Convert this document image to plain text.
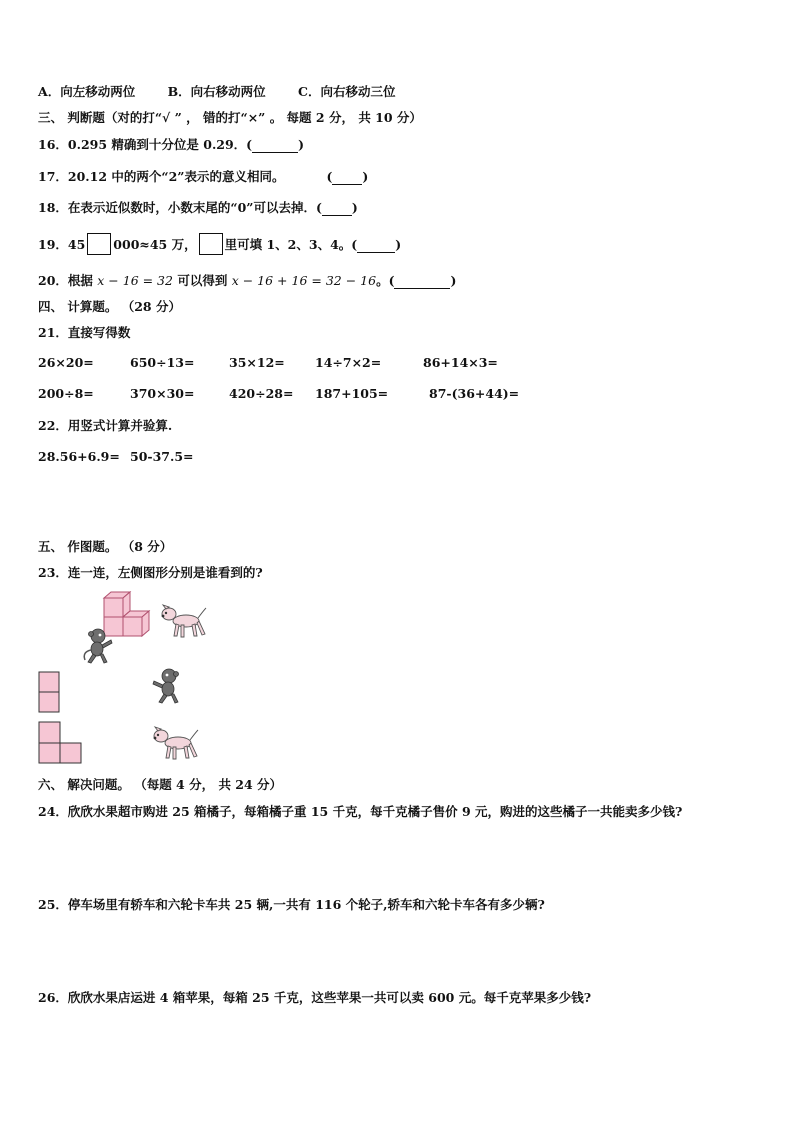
A．向左移动两位	B．向右移动两位	C．向右移动三位
三、 判断题（对的打“√ ” ， 错的打“×” 。 每题 2 分， 共 10 分）
16．0.295 精确到十分位是 0.29．(	)
17．20.12 中的两个“2”表示的意义相同。	( )
18．在表示近似数时，小数末尾的“0”可以去掉．( )
19．45 000≈45 万， 里可填 1、2、3、4。(	)
20．根据 x − 16 = 32 可以得到 x − 16 + 16 = 32 − 16。(	)
四、 计算题。 （28 分）
21．直接写得数
26×20=	650÷13=	35×12= 14÷7×2=	86+14×3=
200÷8=	370×30=	420÷28= 187+105=	87-(36+44)=
22．用竖式计算并验算.
28.56+6.9= 50-37.5=
五、 作图题。 （8 分）
23．连一连，左侧图形分别是谁看到的?
六、 解决问题。 （每题 4 分， 共 24 分）
24．欣欣水果超市购进 25 箱橘子，每箱橘子重 15 千克，每千克橘子售价 9 元，购进的这些橘子一共能卖多少钱?
25．停车场里有轿车和六轮卡车共 25 辆,一共有 116 个轮子,轿车和六轮卡车各有多少辆?
26．欣欣水果店运进 4 箱苹果，每箱 25 千克，这些苹果一共可以卖 600 元。每千克苹果多少钱?
